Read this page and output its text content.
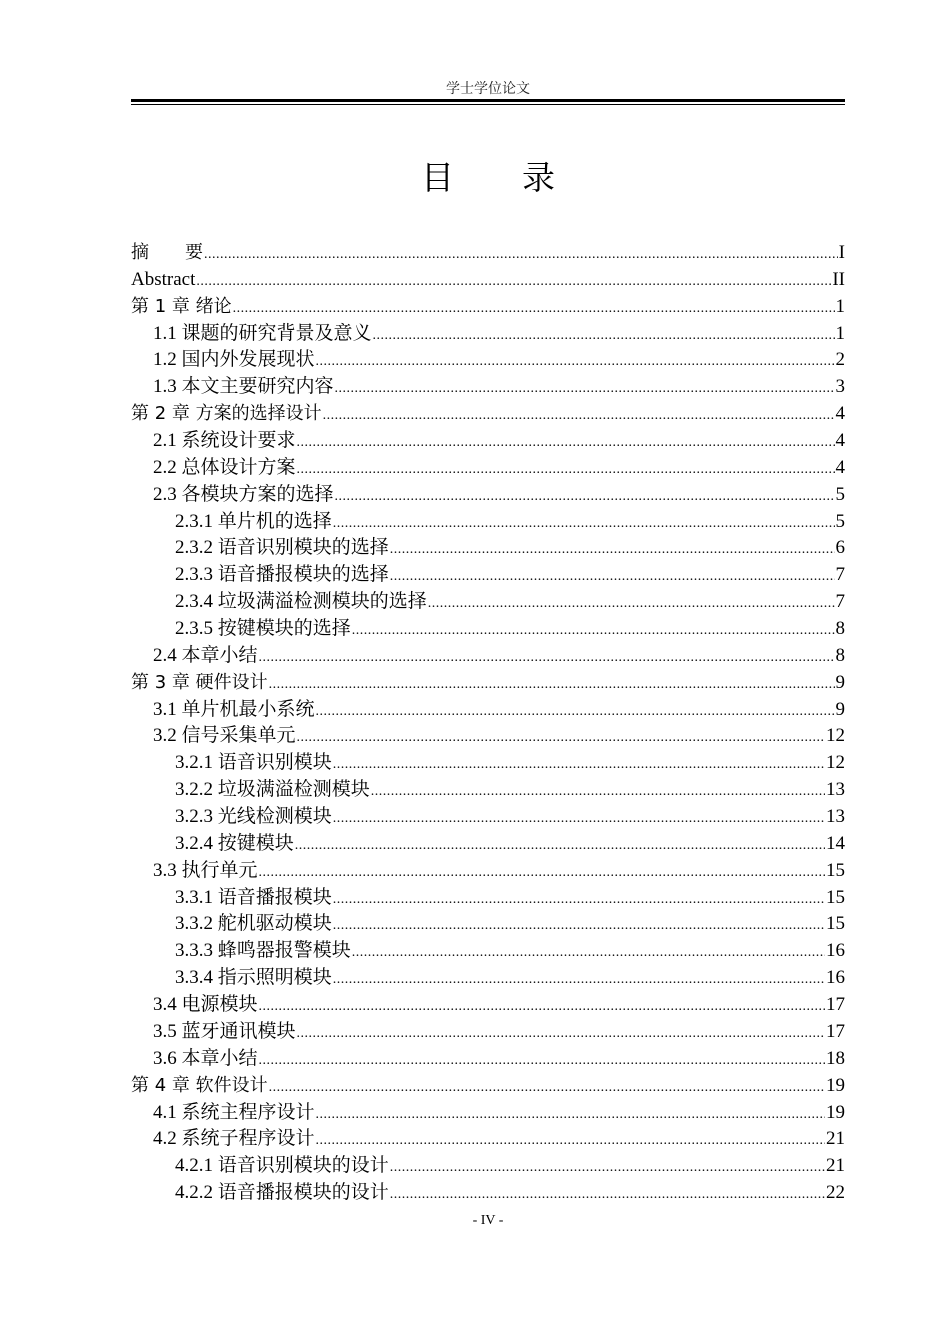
学士学位论文
目 录
摘　　要 .....	I
Abstract .....	II
第 1 章 绪论 .....	1
1.1 课题的研究背景及意义 .....	1
1.2 国内外发展现状 .....	2
1.3 本文主要研究内容 .....	3
第 2 章 方案的选择设计 .....	4
2.1 系统设计要求 .....	4
2.2 总体设计方案 .....	4
2.3 各模块方案的选择 .....	5
2.3.1 单片机的选择 .....	5
2.3.2 语音识别模块的选择 .....	6
2.3.3 语音播报模块的选择 .....	7
2.3.4 垃圾满溢检测模块的选择 .....	7
2.3.5 按键模块的选择 .....	8
2.4 本章小结 .....	8
第 3 章 硬件设计 .....	9
3.1 单片机最小系统 .....	9
3.2 信号采集单元 .....	12
3.2.1 语音识别模块 .....	12
3.2.2 垃圾满溢检测模块 .....	13
3.2.3 光线检测模块 .....	13
3.2.4 按键模块 .....	14
3.3 执行单元 .....	15
3.3.1 语音播报模块 .....	15
3.3.2 舵机驱动模块 .....	15
3.3.3 蜂鸣器报警模块 .....	16
3.3.4 指示照明模块 .....	16
3.4 电源模块 .....	17
3.5 蓝牙通讯模块 .....	17
3.6 本章小结 .....	18
第 4 章 软件设计 .....	19
4.1 系统主程序设计 .....	19
4.2 系统子程序设计 .....	21
4.2.1 语音识别模块的设计 .....	21
4.2.2 语音播报模块的设计 .....	22
- IV -
